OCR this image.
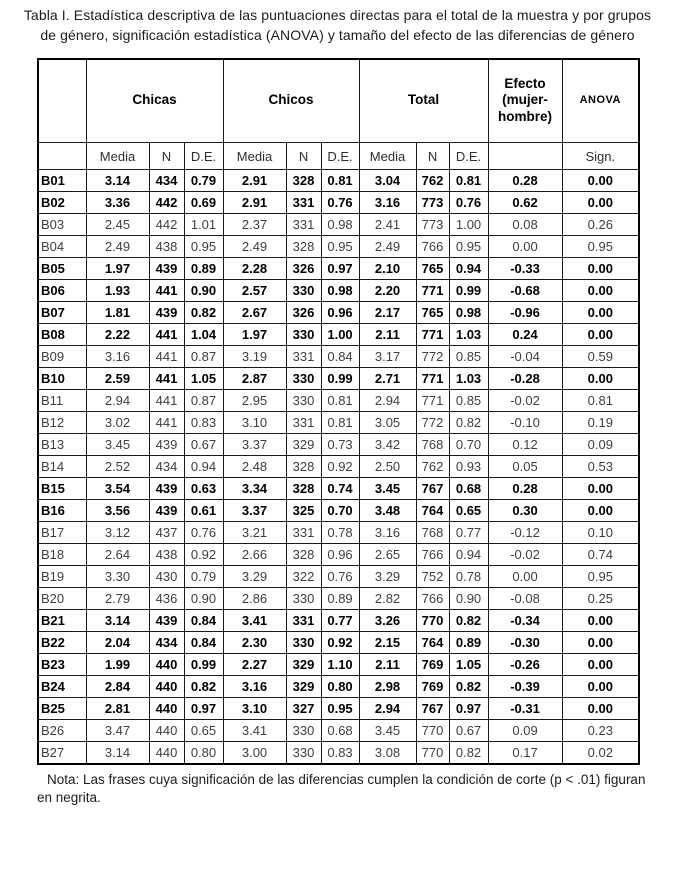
Tabla I. Estadística descriptiva de las puntuaciones directas para el total de la muestra y por grupos de género, significación estadística (ANOVA) y tamaño del efecto de las diferencias de género
	Chicas			Chicos			Total			Efecto (mujer-hombre)	ANOVA
	Media	N	D.E.	Media	N	D.E.	Media	N	D.E.		Sign.
B01	3.14	434	0.79	2.91	328	0.81	3.04	762	0.81	0.28	0.00
B02	3.36	442	0.69	2.91	331	0.76	3.16	773	0.76	0.62	0.00
B03	2.45	442	1.01	2.37	331	0.98	2.41	773	1.00	0.08	0.26
B04	2.49	438	0.95	2.49	328	0.95	2.49	766	0.95	0.00	0.95
B05	1.97	439	0.89	2.28	326	0.97	2.10	765	0.94	-0.33	0.00
B06	1.93	441	0.90	2.57	330	0.98	2.20	771	0.99	-0.68	0.00
B07	1.81	439	0.82	2.67	326	0.96	2.17	765	0.98	-0.96	0.00
B08	2.22	441	1.04	1.97	330	1.00	2.11	771	1.03	0.24	0.00
B09	3.16	441	0.87	3.19	331	0.84	3.17	772	0.85	-0.04	0.59
B10	2.59	441	1.05	2.87	330	0.99	2.71	771	1.03	-0.28	0.00
B11	2.94	441	0.87	2.95	330	0.81	2.94	771	0.85	-0.02	0.81
B12	3.02	441	0.83	3.10	331	0.81	3.05	772	0.82	-0.10	0.19
B13	3.45	439	0.67	3.37	329	0.73	3.42	768	0.70	0.12	0.09
B14	2.52	434	0.94	2.48	328	0.92	2.50	762	0.93	0.05	0.53
B15	3.54	439	0.63	3.34	328	0.74	3.45	767	0.68	0.28	0.00
B16	3.56	439	0.61	3.37	325	0.70	3.48	764	0.65	0.30	0.00
B17	3.12	437	0.76	3.21	331	0.78	3.16	768	0.77	-0.12	0.10
B18	2.64	438	0.92	2.66	328	0.96	2.65	766	0.94	-0.02	0.74
B19	3.30	430	0.79	3.29	322	0.76	3.29	752	0.78	0.00	0.95
B20	2.79	436	0.90	2.86	330	0.89	2.82	766	0.90	-0.08	0.25
B21	3.14	439	0.84	3.41	331	0.77	3.26	770	0.82	-0.34	0.00
B22	2.04	434	0.84	2.30	330	0.92	2.15	764	0.89	-0.30	0.00
B23	1.99	440	0.99	2.27	329	1.10	2.11	769	1.05	-0.26	0.00
B24	2.84	440	0.82	3.16	329	0.80	2.98	769	0.82	-0.39	0.00
B25	2.81	440	0.97	3.10	327	0.95	2.94	767	0.97	-0.31	0.00
B26	3.47	440	0.65	3.41	330	0.68	3.45	770	0.67	0.09	0.23
B27	3.14	440	0.80	3.00	330	0.83	3.08	770	0.82	0.17	0.02
Nota: Las frases cuya significación de las diferencias cumplen la condición de corte (p < .01) figuran en negrita.
